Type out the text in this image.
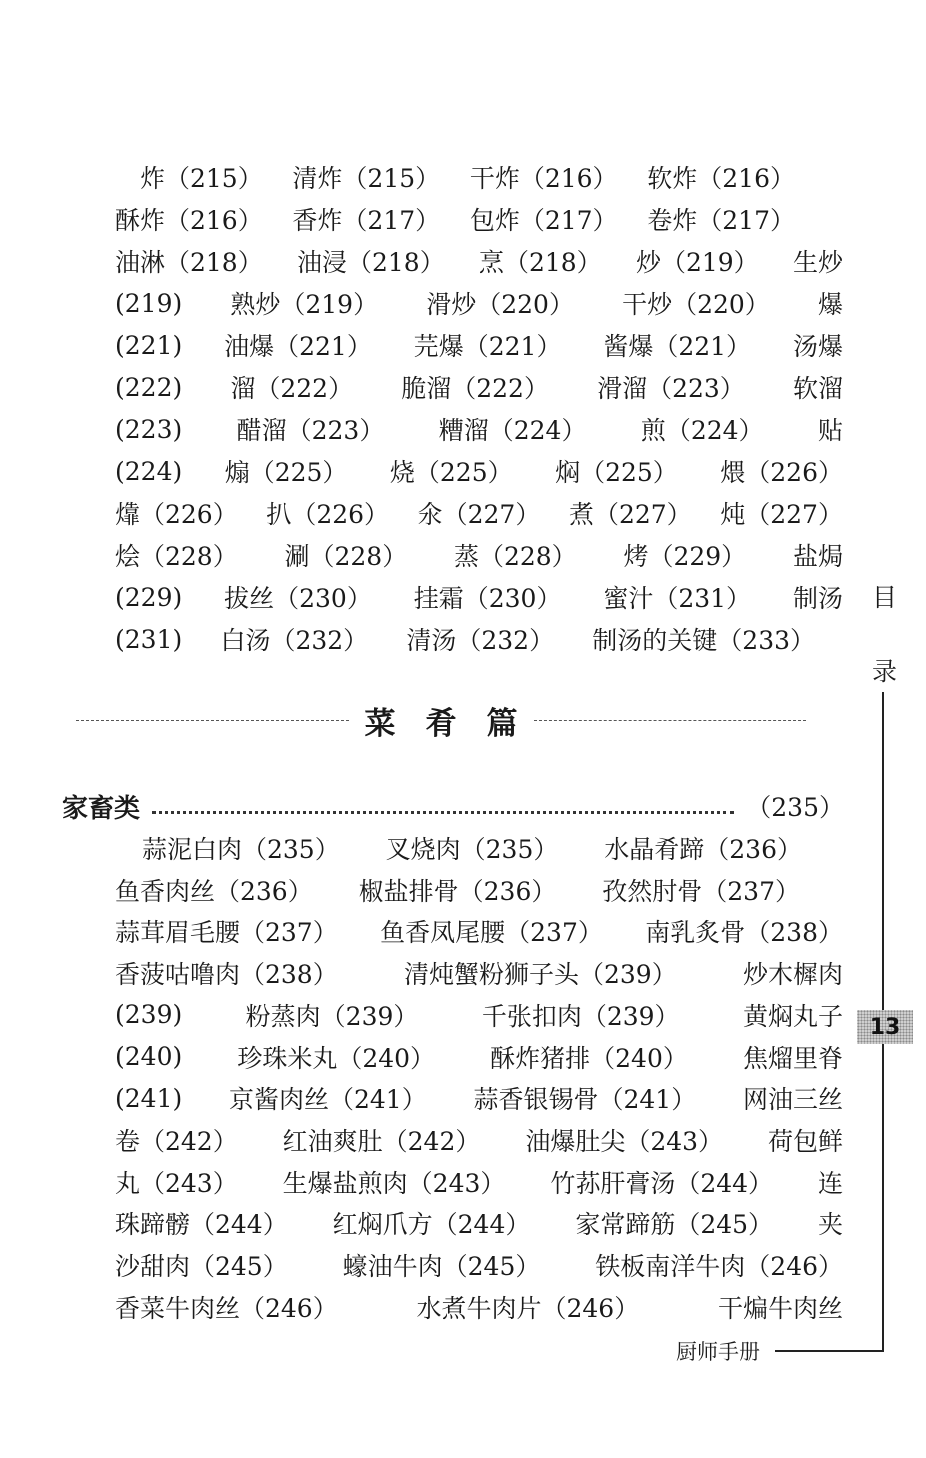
炸（215） 清炸（215） 干炸（216） 软炸（216）
酥炸（216） 香炸（217） 包炸（217） 卷炸（217）
油淋（218） 油浸（218） 烹（218） 炒（219） 生炒
(219) 熟炒（219） 滑炒（220） 干炒（220） 爆
(221) 油爆（221） 芫爆（221） 酱爆（221） 汤爆
(222) 溜（222） 脆溜（222） 滑溜（223） 软溜
(223) 醋溜（223） 糟溜（224） 煎（224） 贴
(224) 煽（225） 烧（225） 焖（225） 煨（226）
㸆（226） 扒（226） 氽（227） 煮（227） 炖（227）
烩（228） 涮（228） 蒸（228） 烤（229） 盐焗
(229) 拔丝（230） 挂霜（230） 蜜汁（231） 制汤
(231) 白汤（232） 清汤（232） 制汤的关键（233）
菜肴篇
家畜类	（235）
蒜泥白肉（235） 叉烧肉（235） 水晶肴蹄（236）
鱼香肉丝（236） 椒盐排骨（236） 孜然肘骨（237）
蒜茸眉毛腰（237） 鱼香凤尾腰（237） 南乳炙骨（238）
香菠咕噜肉（238）	清炖蟹粉狮子头（239）	炒木樨肉
(239)	粉蒸肉（239）	千张扣肉（239）	黄焖丸子
(240) 珍珠米丸（240） 酥炸猪排（240） 焦熘里脊
(241) 京酱肉丝（241） 蒜香银锡骨（241） 网油三丝
卷（242） 红油爽肚（242） 油爆肚尖（243） 荷包鲜
丸（243） 生爆盐煎肉（243） 竹荪肝膏汤（244） 连
珠蹄髈（244） 红焖爪方（244） 家常蹄筋（245） 夹
沙甜肉（245） 蠔油牛肉（245） 铁板南洋牛肉（246）
香菜牛肉丝（246）	水煮牛肉片（246）	干煸牛肉丝
目
录
13
厨师手册
